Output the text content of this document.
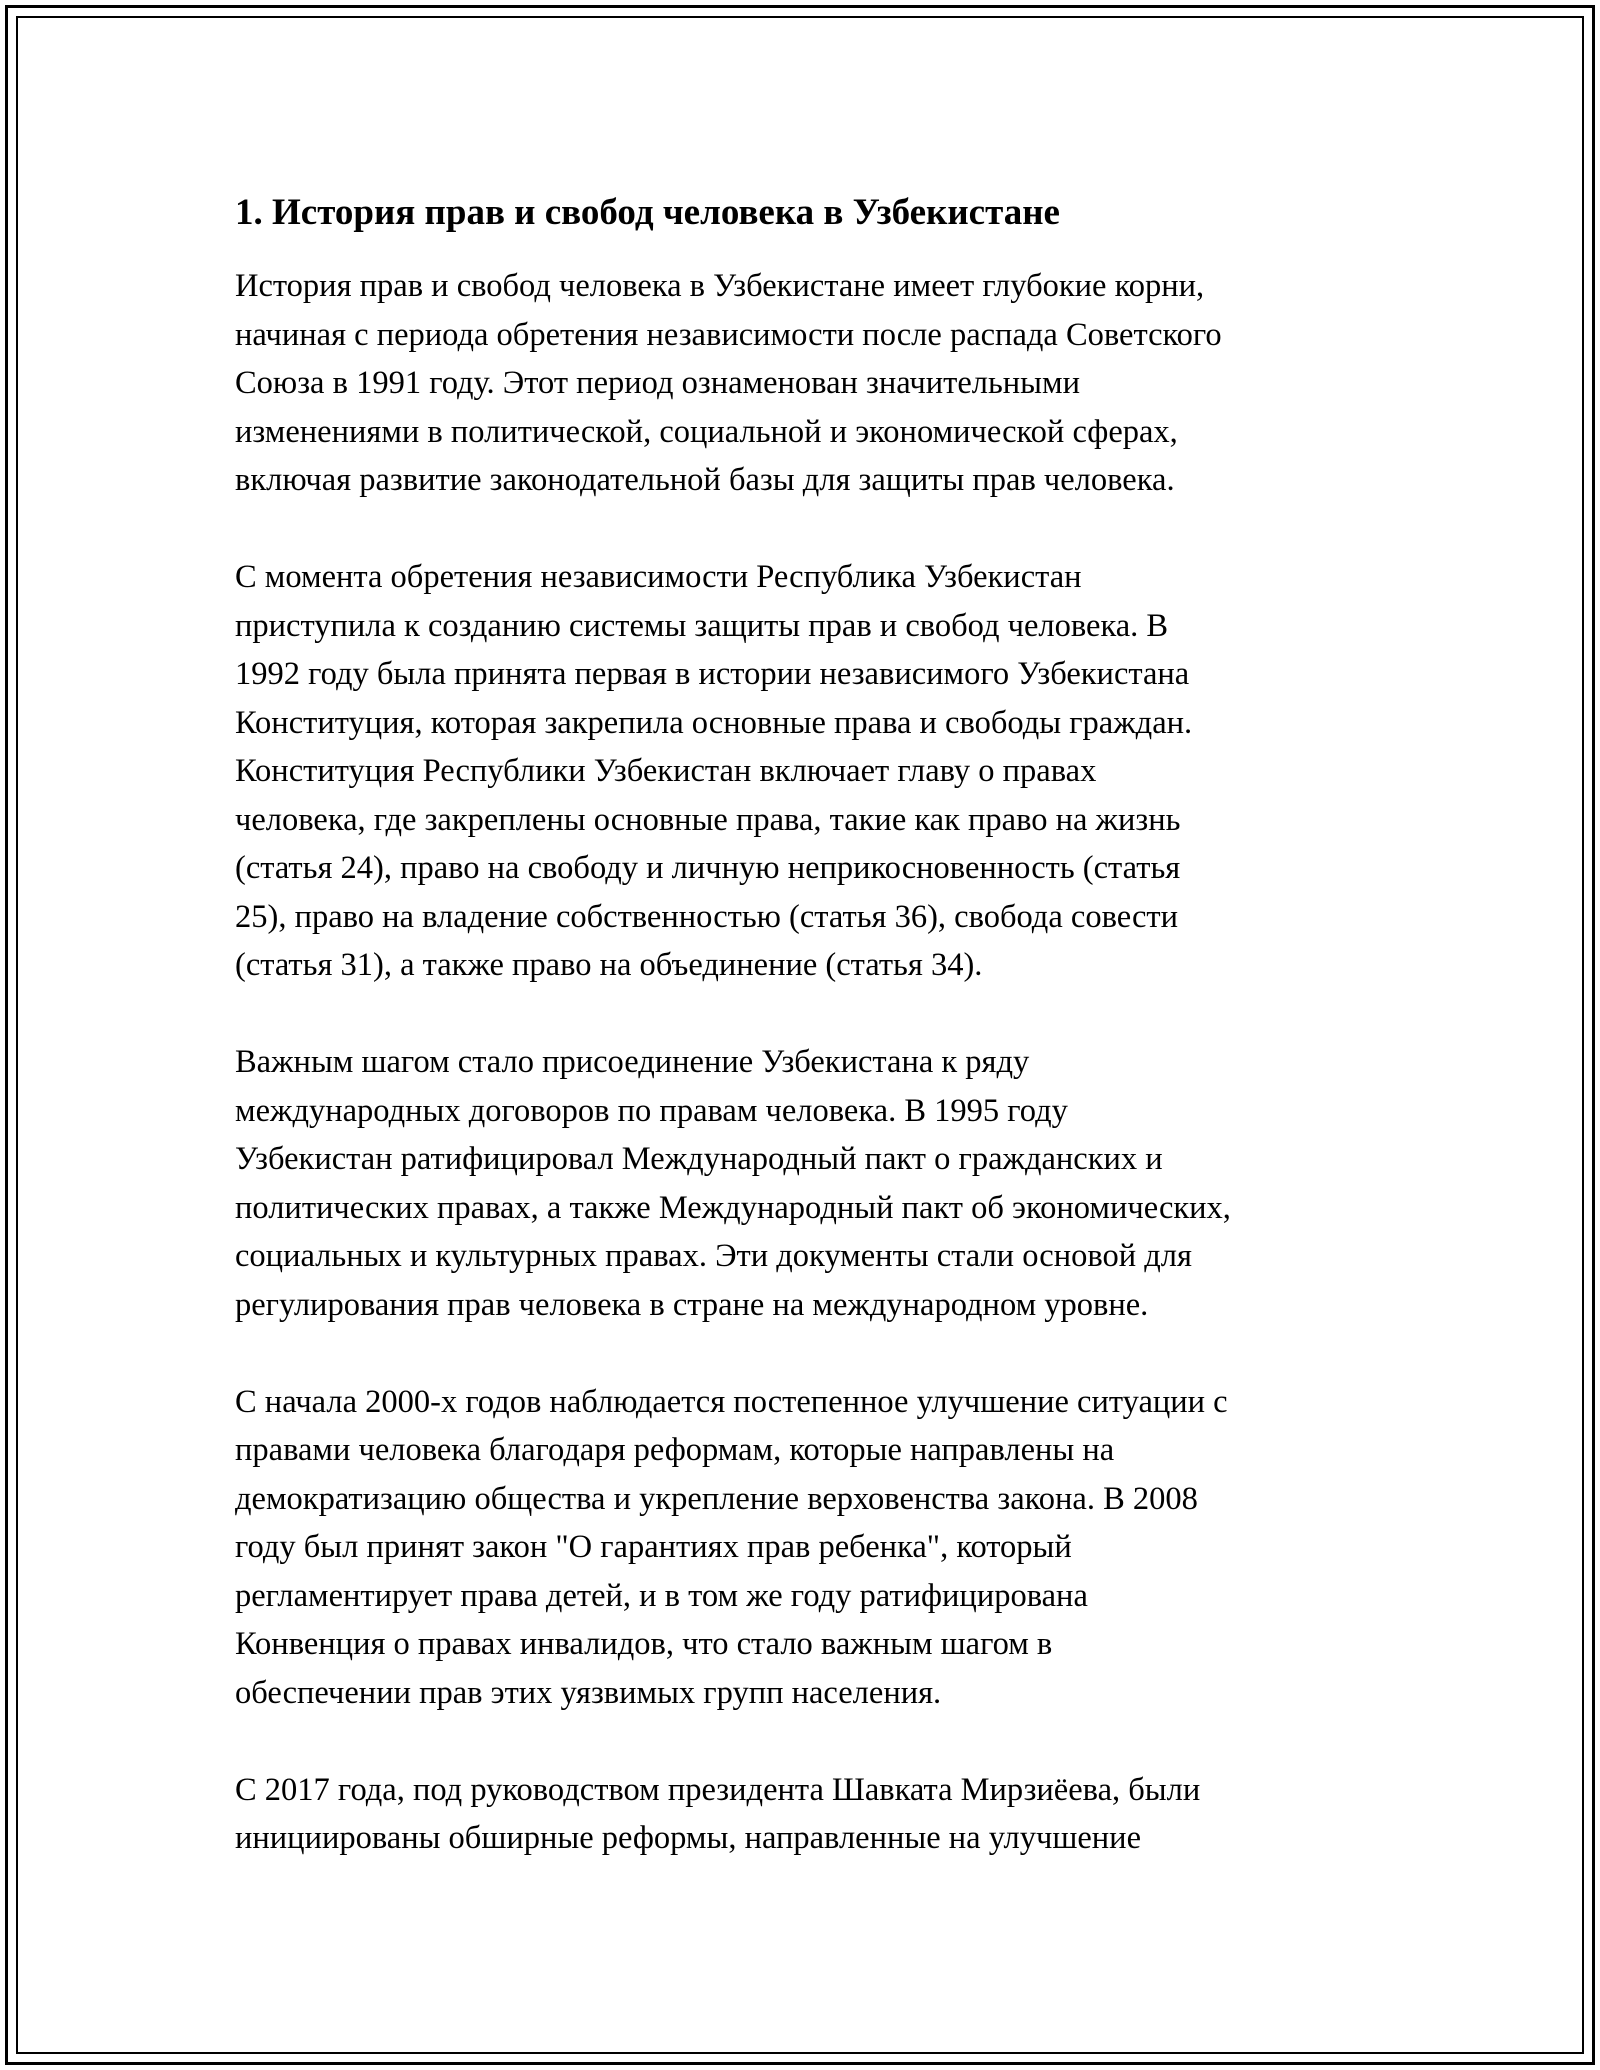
1. История прав и свобод человека в Узбекистане

История прав и свобод человека в Узбекистане имеет глубокие корни,
начиная с периода обретения независимости после распада Советского
Союза в 1991 году. Этот период ознаменован значительными
изменениями в политической, социальной и экономической сферах,
включая развитие законодательной базы для защиты прав человека.

С момента обретения независимости Республика Узбекистан
приступила к созданию системы защиты прав и свобод человека. В
1992 году была принята первая в истории независимого Узбекистана
Конституция, которая закрепила основные права и свободы граждан.
Конституция Республики Узбекистан включает главу о правах
человека, где закреплены основные права, такие как право на жизнь
(статья 24), право на свободу и личную неприкосновенность (статья
25), право на владение собственностью (статья 36), свобода совести
(статья 31), а также право на объединение (статья 34).

Важным шагом стало присоединение Узбекистана к ряду
международных договоров по правам человека. В 1995 году
Узбекистан ратифицировал Международный пакт о гражданских и
политических правах, а также Международный пакт об экономических,
социальных и культурных правах. Эти документы стали основой для
регулирования прав человека в стране на международном уровне.

С начала 2000-х годов наблюдается постепенное улучшение ситуации с
правами человека благодаря реформам, которые направлены на
демократизацию общества и укрепление верховенства закона. В 2008
году был принят закон "О гарантиях прав ребенка", который
регламентирует права детей, и в том же году ратифицирована
Конвенция о правах инвалидов, что стало важным шагом в
обеспечении прав этих уязвимых групп населения.

С 2017 года, под руководством президента Шавката Мирзиёева, были
инициированы обширные реформы, направленные на улучшение
